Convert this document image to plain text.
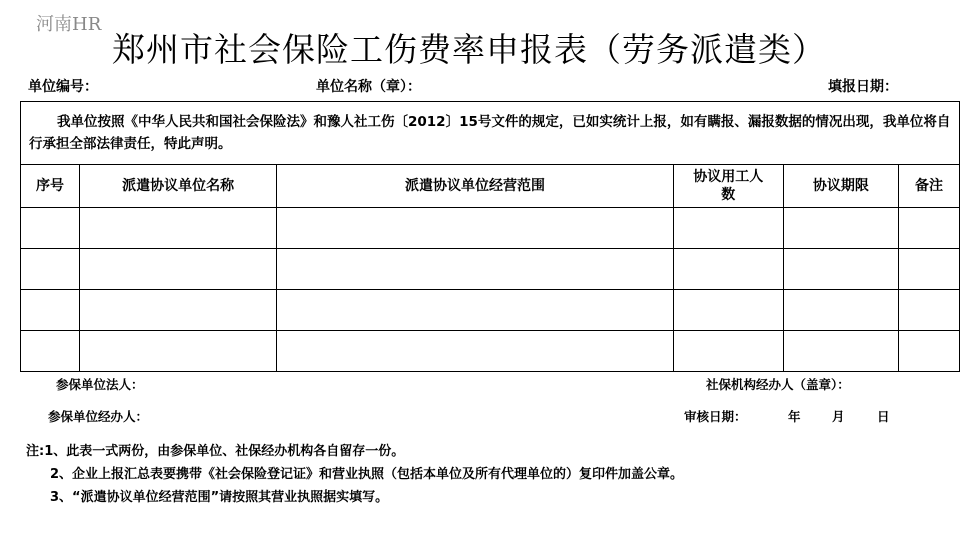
河南HR
郑州市社会保险工伤费率申报表（劳务派遣类）
单位编号：	单位名称（章）：	填报日期：
我单位按照《中华人民共和国社会保险法》和豫人社工伤〔2012〕15号文件的规定，已如实统计上报，如有瞒报、漏报数据的情况出现，我单位将自行承担全部法律责任，特此声明。					
序号	派遣协议单位名称	派遣协议单位经营范围	协议用工人数	协议期限	备注

参保单位法人：	社保机构经办人（盖章）：
参保单位经办人：	审核日期：	年	月	日
注:1、此表一式两份，由参保单位、社保经办机构各自留存一份。
2、企业上报汇总表要携带《社会保险登记证》和营业执照（包括本单位及所有代理单位的）复印件加盖公章。
3、“派遣协议单位经营范围”请按照其营业执照据实填写。
